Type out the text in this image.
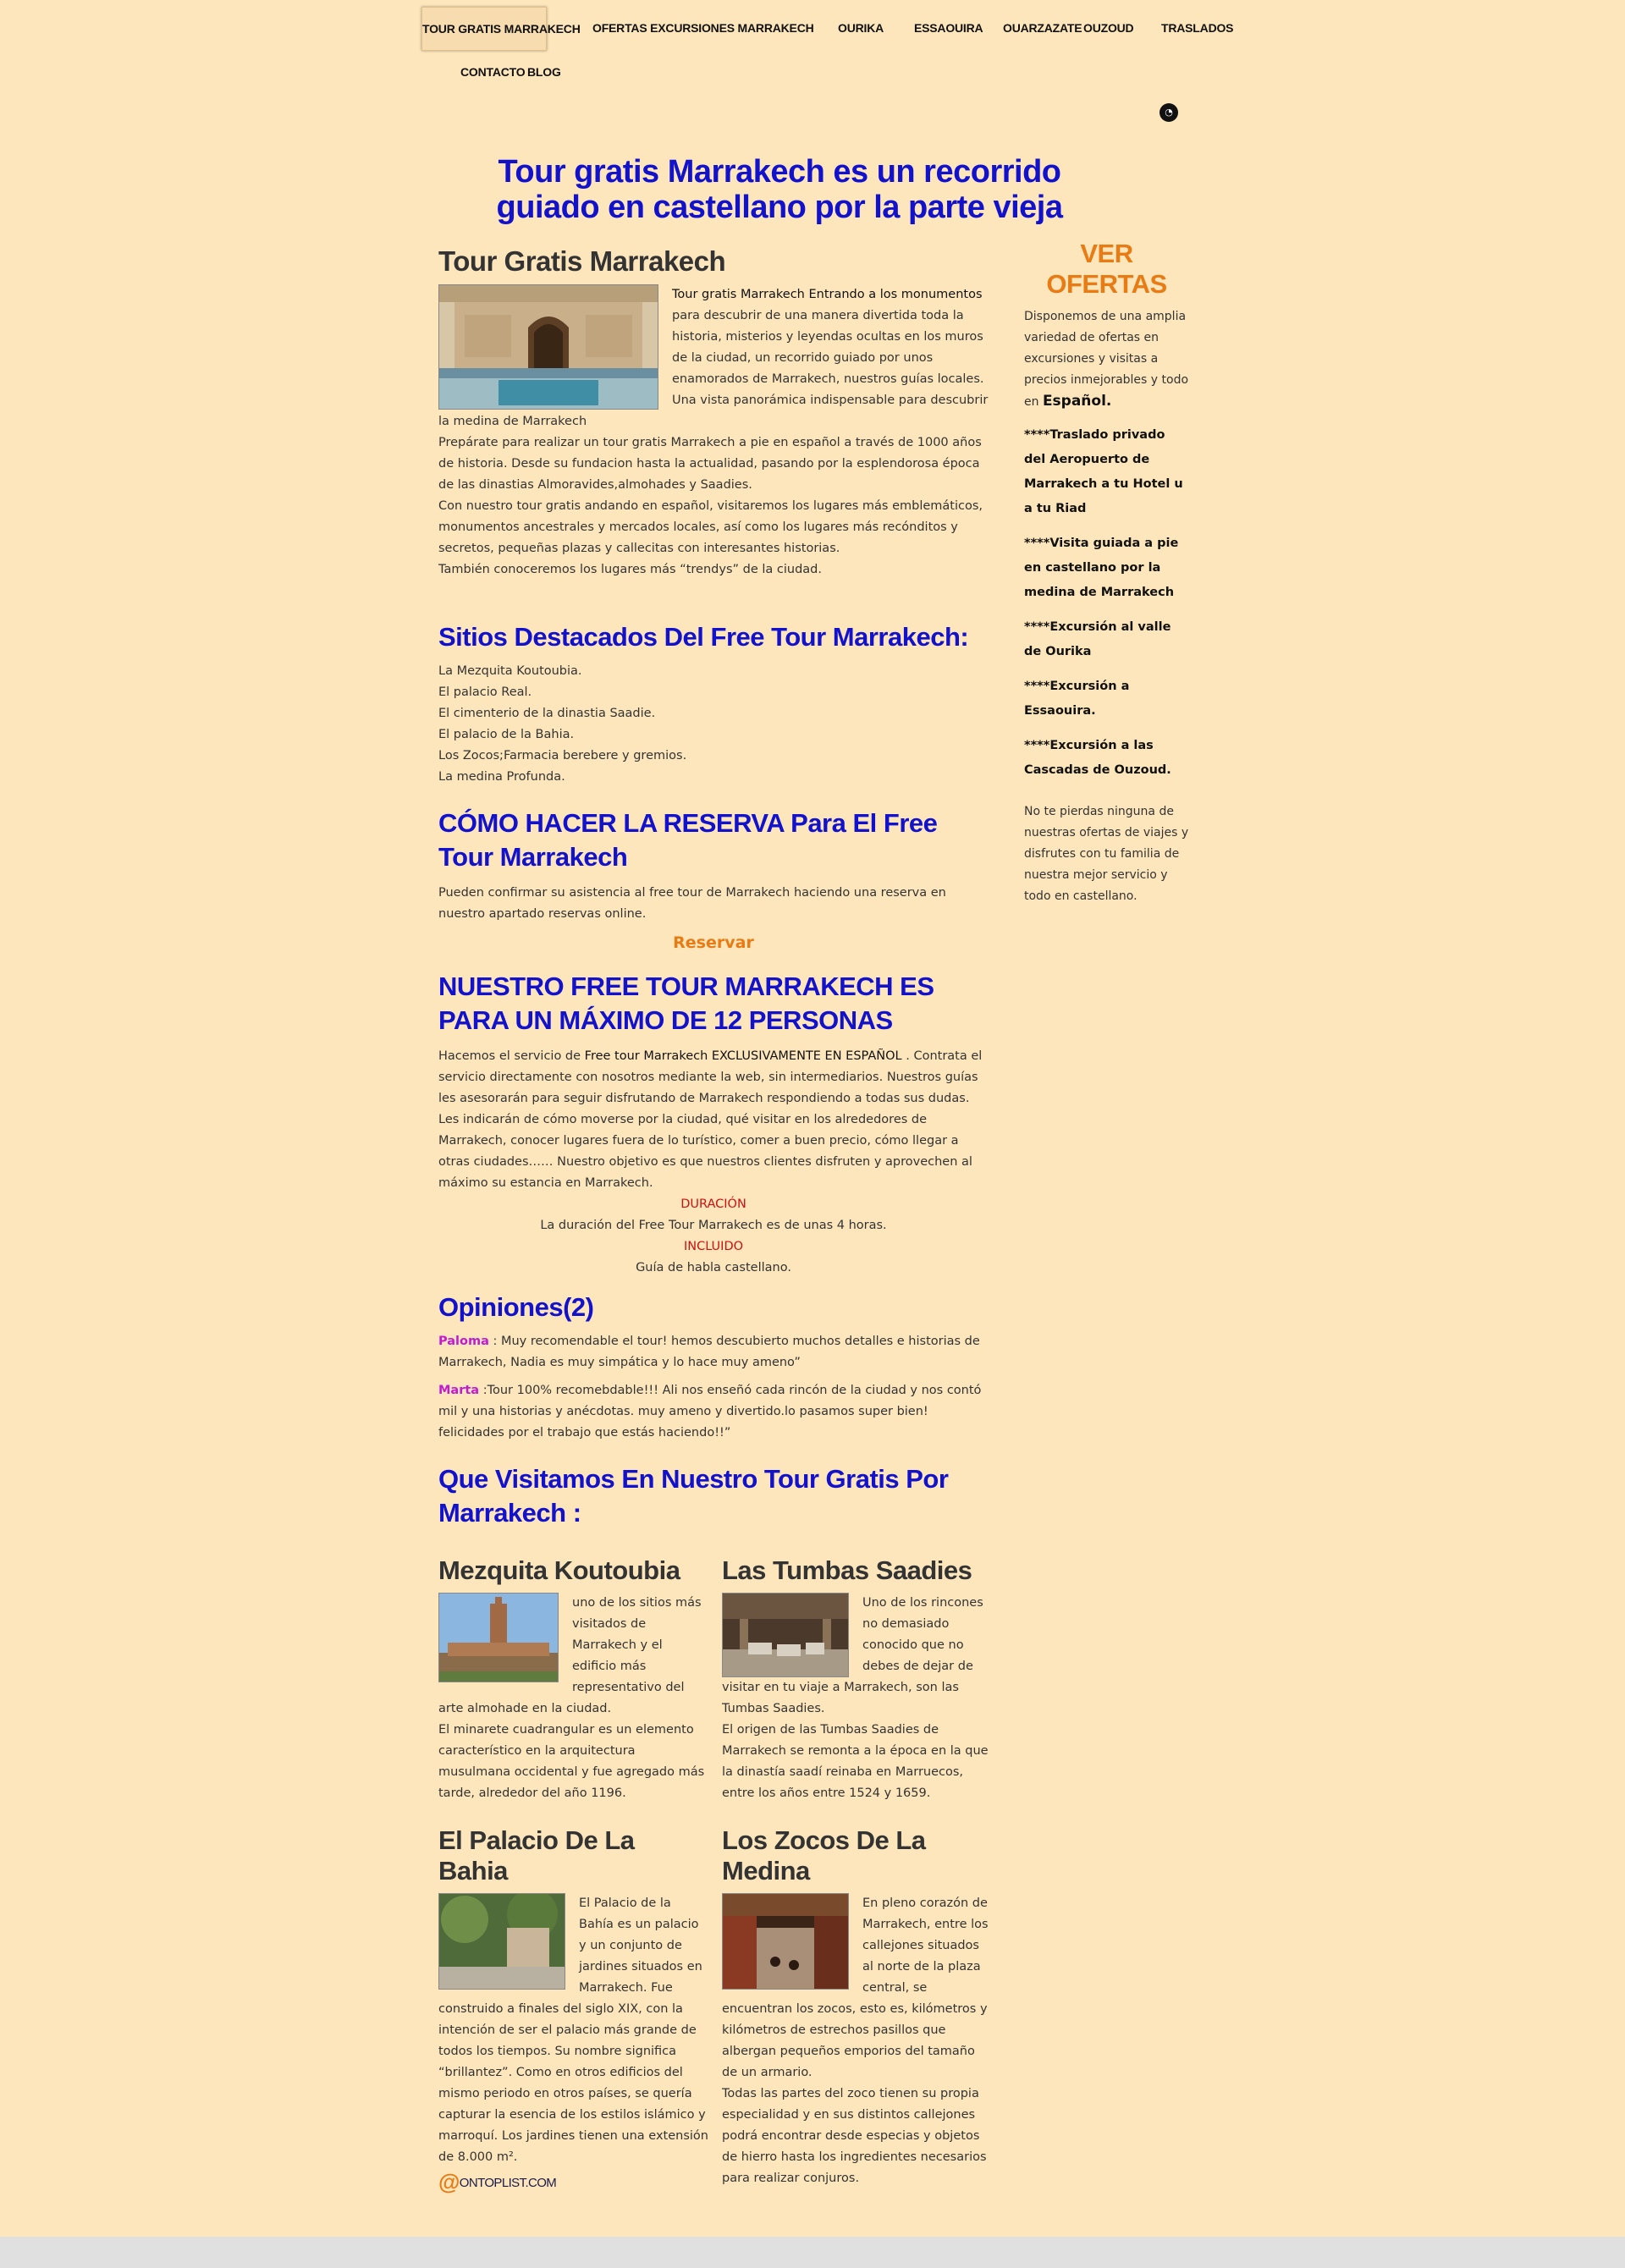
TOUR GRATIS MARRAKECH OFERTAS EXCURSIONES MARRAKECH OURIKA	ESSAOUIRA OUARZAZATE OUZOUD TRASLADOS
CONTACTO BLOG
◔
Tour gratis Marrakech es un recorrido guiado en castellano por la parte vieja
Tour Gratis Marrakech

Tour gratis Marrakech Entrando a los monumentos para descubrir de una manera divertida toda la historia, misterios y leyendas ocultas en los muros de la ciudad, un recorrido guiado por unos enamorados de Marrakech, nuestros guías locales. Una vista panorámica indispensable para descubrir la medina de Marrakech

Prepárate para realizar un tour gratis Marrakech a pie en español a través de 1000 años de historia. Desde su fundacion hasta la actualidad, pasando por la esplendorosa época de las dinastias Almoravides,almohades y Saadies.

Con nuestro tour gratis andando en español, visitaremos los lugares más emblemáticos, monumentos ancestrales y mercados locales, así como los lugares más recónditos y secretos, pequeñas plazas y callecitas con interesantes historias.

También conoceremos los lugares más “trendys” de la ciudad.

Sitios Destacados Del Free Tour Marrakech:

La Mezquita Koutoubia.

El palacio Real.

El cimenterio de la dinastia Saadie.

El palacio de la Bahia.

Los Zocos;Farmacia berebere y gremios.

La medina Profunda.

CÓMO HACER LA RESERVA Para El Free Tour Marrakech

Pueden confirmar su asistencia al free tour de Marrakech haciendo una reserva en nuestro apartado reservas online.

Reservar
NUESTRO FREE TOUR MARRAKECH ES PARA UN MÁXIMO DE 12 PERSONAS

Hacemos el servicio de Free tour Marrakech EXCLUSIVAMENTE EN ESPAÑOL . Contrata el servicio directamente con nosotros mediante la web, sin intermediarios. Nuestros guías les asesorarán para seguir disfrutando de Marrakech respondiendo a todas sus dudas. Les indicarán de cómo moverse por la ciudad, qué visitar en los alrededores de Marrakech, conocer lugares fuera de lo turístico, comer a buen precio, cómo llegar a otras ciudades…… Nuestro objetivo es que nuestros clientes disfruten y aprovechen al máximo su estancia en Marrakech.

DURACIÓN

La duración del Free Tour Marrakech es de unas 4 horas.

INCLUIDO

Guía de habla castellano.

Opiniones(2)

Paloma : Muy recomendable el tour! hemos descubierto muchos detalles e historias de Marrakech, Nadia es muy simpática y lo hace muy ameno”

Marta :Tour 100% recomebdable!!! Ali nos enseñó cada rincón de la ciudad y nos contó mil y una historias y anécdotas. muy ameno y divertido.lo pasamos super bien! felicidades por el trabajo que estás haciendo!!”

Que Visitamos En Nuestro Tour Gratis Por Marrakech :
Mezquita Koutoubia

uno de los sitios más visitados de Marrakech y el edificio más representativo del arte almohade en la ciudad.

El minarete cuadrangular es un elemento característico en la arquitectura musulmana occidental y fue agregado más tarde, alrededor del año 1196.

Las Tumbas Saadies

Uno de los rincones no demasiado conocido que no debes de dejar de visitar en tu viaje a Marrakech, son las Tumbas Saadies.

El origen de las Tumbas Saadies de Marrakech se remonta a la época en la que la dinastía saadí reinaba en Marruecos, entre los años entre 1524 y 1659.

El Palacio De La Bahia

El Palacio de la Bahía es un palacio y un conjunto de jardines situados en Marrakech. Fue construido a finales del siglo XIX, con la intención de ser el palacio más grande de todos los tiempos. Su nombre significa “brillantez”. Como en otros edificios del mismo periodo en otros países, se quería capturar la esencia de los estilos islámico y marroquí. Los jardines tienen una extensión de 8.000 m².

Los Zocos De La Medina

En pleno corazón de Marrakech, entre los callejones situados al norte de la plaza central, se encuentran los zocos, esto es, kilómetros y kilómetros de estrechos pasillos que albergan pequeños emporios del tamaño de un armario.

Todas las partes del zoco tienen su propia especialidad y en sus distintos callejones podrá encontrar desde especias y objetos de hierro hasta los ingredientes necesarios para realizar conjuros.

@ONTOPLIST.COM
VER OFERTAS

Disponemos de una amplia variedad de ofertas en excursiones y visitas a precios inmejorables y todo en Español.

****Traslado privado del Aeropuerto de Marrakech a tu Hotel u a tu Riad

****Visita guiada a pie en castellano por la medina de Marrakech

****Excursión al valle de Ourika

****Excursión a Essaouira.

****Excursión a las Cascadas de Ouzoud.

No te pierdas ninguna de nuestras ofertas de viajes y disfrutes con tu familia de nuestra mejor servicio y todo en castellano.
